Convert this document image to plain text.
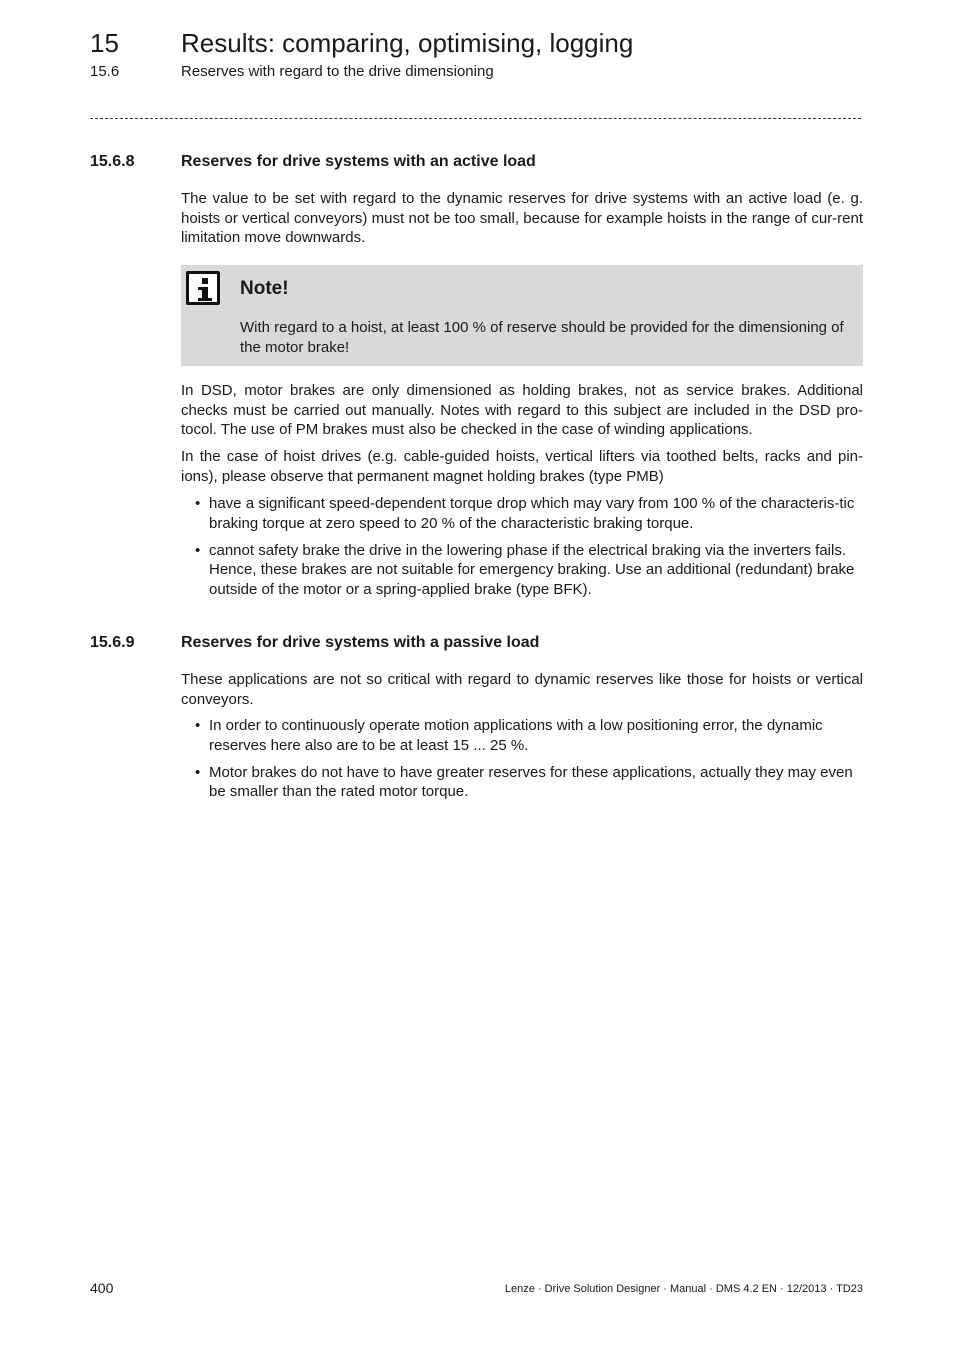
15 Results: comparing, optimising, logging
15.6	Reserves with regard to the drive dimensioning
15.6.8	Reserves for drive systems with an active load

The value to be set with regard to the dynamic reserves for drive systems with an active load (e. g. hoists or vertical conveyors) must not be too small, because for example hoists in the range of cur-rent limitation move downwards.

Note!
With regard to a hoist, at least 100 % of reserve should be provided for the dimensioning of the motor brake!

In DSD, motor brakes are only dimensioned as holding brakes, not as service brakes. Additional checks must be carried out manually. Notes with regard to this subject are included in the DSD pro-tocol. The use of PM brakes must also be checked in the case of winding applications.

In the case of hoist drives (e.g. cable-guided hoists, vertical lifters via toothed belts, racks and pin-ions), please observe that permanent magnet holding brakes (type PMB)

• have a significant speed-dependent torque drop which may vary from 100 % of the characteris-tic braking torque at zero speed to 20 % of the characteristic braking torque.
• cannot safety brake the drive in the lowering phase if the electrical braking via the inverters fails. Hence, these brakes are not suitable for emergency braking. Use an additional (redundant) brake outside of the motor or a spring-applied brake (type BFK).
15.6.9	Reserves for drive systems with a passive load

These applications are not so critical with regard to dynamic reserves like those for hoists or vertical conveyors.

• In order to continuously operate motion applications with a low positioning error, the dynamic reserves here also are to be at least 15 ... 25 %.
• Motor brakes do not have to have greater reserves for these applications, actually they may even be smaller than the rated motor torque.
400	Lenze · Drive Solution Designer · Manual · DMS 4.2 EN · 12/2013 · TD23
